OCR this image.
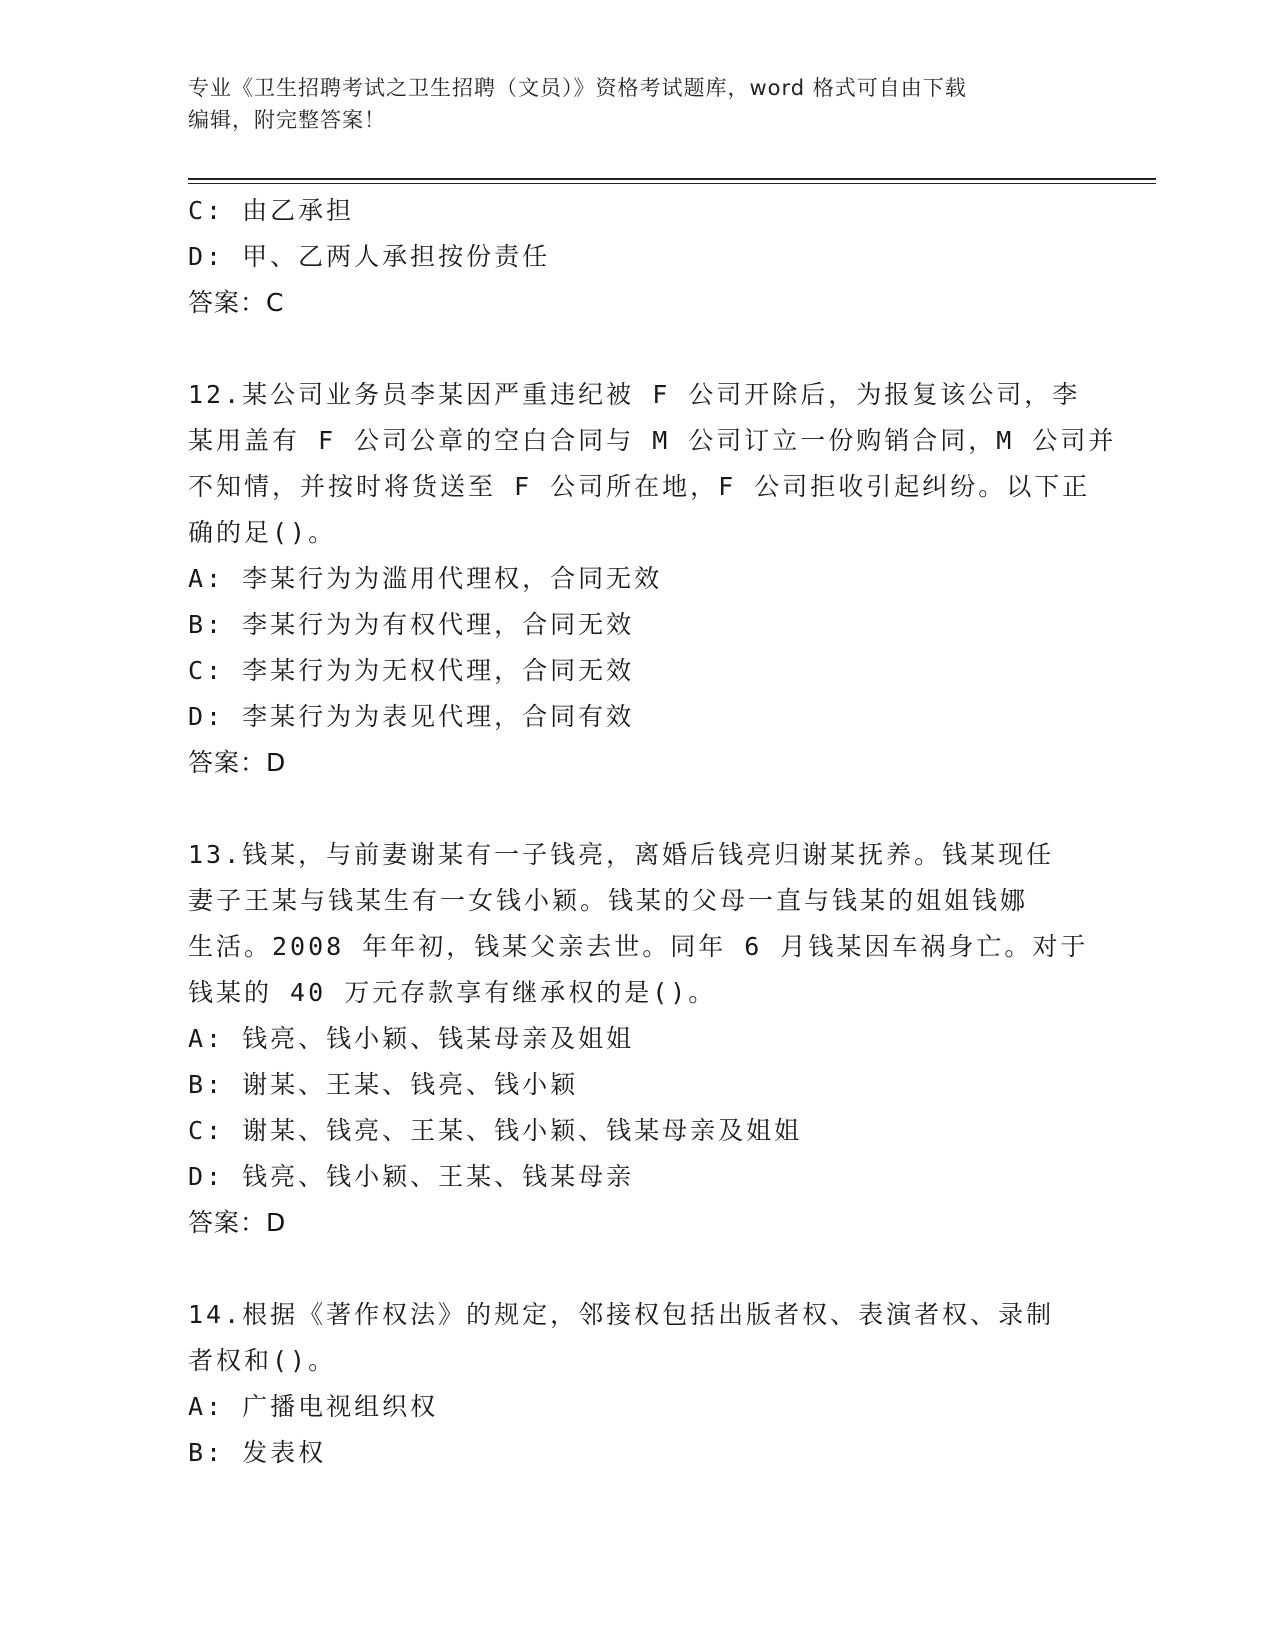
专业《卫生招聘考试之卫生招聘（文员）》资格考试题库，word 格式可自由下载
编辑，附完整答案！
C: 由乙承担
D: 甲、乙两人承担按份责任
答案：C
12.某公司业务员李某因严重违纪被 F 公司开除后，为报复该公司，李
某用盖有 F 公司公章的空白合同与 M 公司订立一份购销合同，M 公司并
不知情，并按时将货送至 F 公司所在地，F 公司拒收引起纠纷。以下正
确的足()。
A: 李某行为为滥用代理权，合同无效
B: 李某行为为有权代理，合同无效
C: 李某行为为无权代理，合同无效
D: 李某行为为表见代理，合同有效
答案：D
13.钱某，与前妻谢某有一子钱亮，离婚后钱亮归谢某抚养。钱某现任
妻子王某与钱某生有一女钱小颖。钱某的父母一直与钱某的姐姐钱娜
生活。2008 年年初，钱某父亲去世。同年 6 月钱某因车祸身亡。对于
钱某的 40 万元存款享有继承权的是()。
A: 钱亮、钱小颖、钱某母亲及姐姐
B: 谢某、王某、钱亮、钱小颖
C: 谢某、钱亮、王某、钱小颖、钱某母亲及姐姐
D: 钱亮、钱小颖、王某、钱某母亲
答案：D
14.根据《著作权法》的规定，邻接权包括出版者权、表演者权、录制
者权和()。
A: 广播电视组织权
B: 发表权
